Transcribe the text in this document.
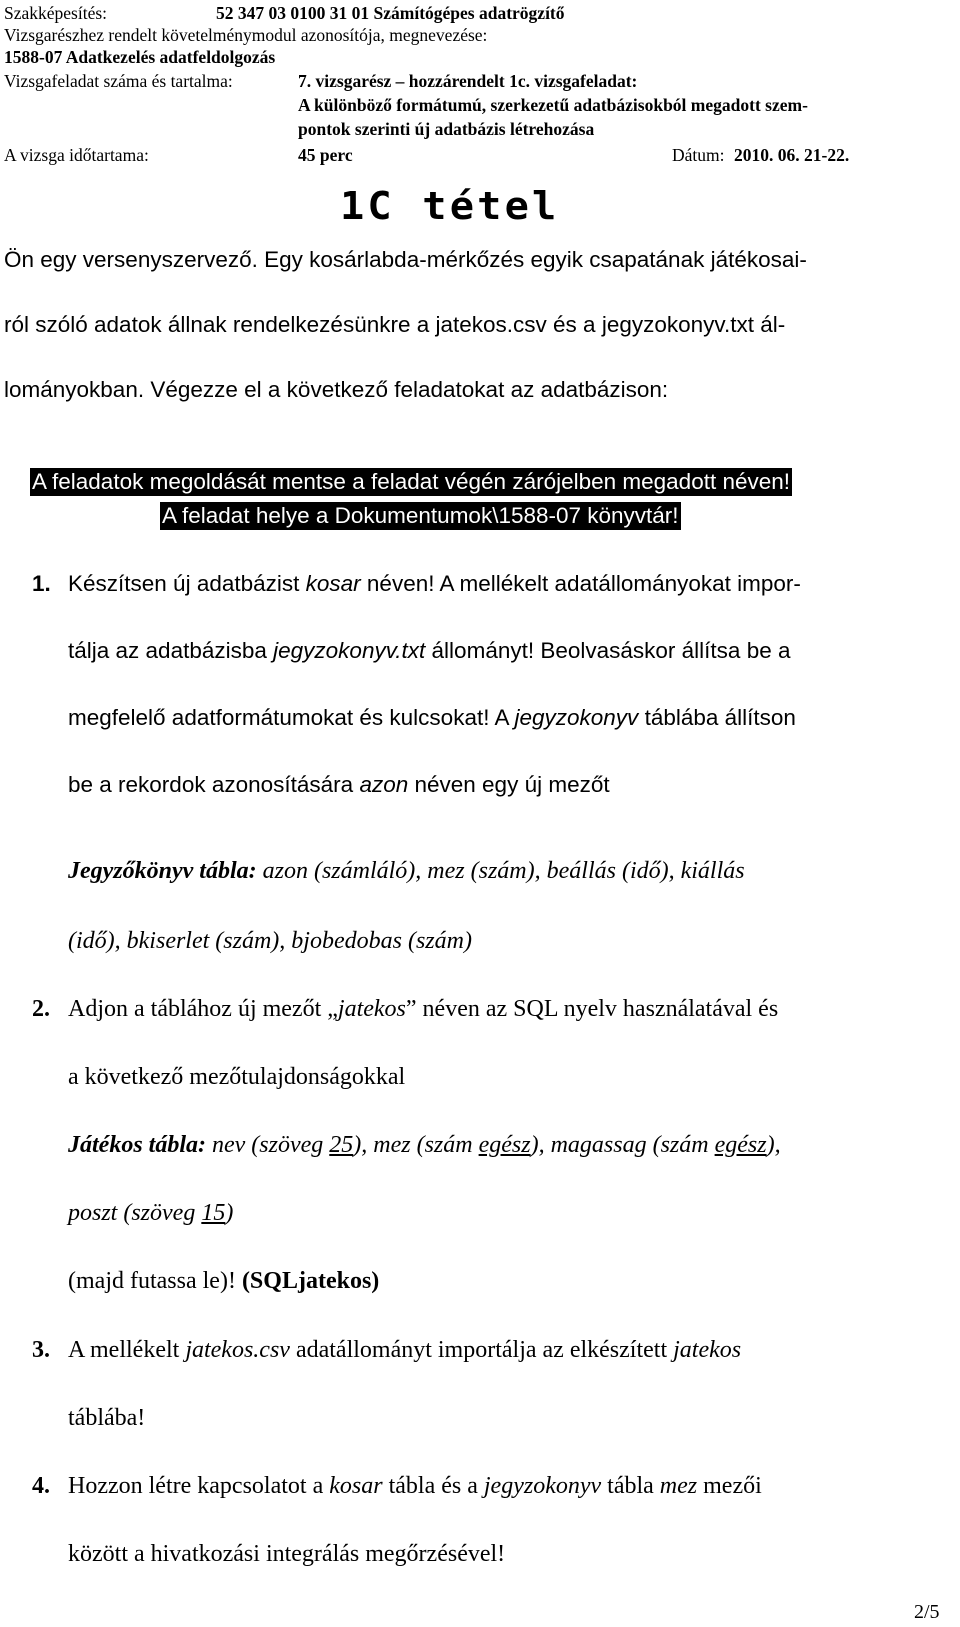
Szakképesítés:	52 347 03 0100 31 01 Számítógépes adatrögzítő
Vizsgarészhez rendelt követelménymodul azonosítója, megnevezése:
1588-07 Adatkezelés adatfeldolgozás
Vizsgafeladat száma és tartalma:	7. vizsgarész – hozzárendelt 1c. vizsgafeladat:
A különböző formátumú, szerkezetű adatbázisokból megadott szem-
pontok szerinti új adatbázis létrehozása
A vizsga időtartama:	45 perc	Dátum: 2010. 06. 21-22.
1C tétel
Ön egy versenyszervező. Egy kosárlabda-mérkőzés egyik csapatának játékosai-
ról szóló adatok állnak rendelkezésünkre a jatekos.csv és a jegyzokonyv.txt ál-
lományokban. Végezze el a következő feladatokat az adatbázison:
A feladatok megoldását mentse a feladat végén zárójelben megadott néven!
A feladat helye a Dokumentumok\1588-07 könyvtár!
1. Készítsen új adatbázist kosar néven! A mellékelt adatállományokat impor-
tálja az adatbázisba jegyzokonyv.txt állományt! Beolvasáskor állítsa be a
megfelelő adatformátumokat és kulcsokat! A jegyzokonyv táblába állítson
be a rekordok azonosítására azon néven egy új mezőt
Jegyzőkönyv tábla: azon (számláló), mez (szám), beállás (idő), kiállás
(idő), bkiserlet (szám), bjobedobas (szám)
2. Adjon a táblához új mezőt „jatekos” néven az SQL nyelv használatával és
a következő mezőtulajdonságokkal
Játékos tábla: nev (szöveg 25), mez (szám egész), magassag (szám egész),
poszt (szöveg 15)
(majd futassa le)! (SQLjatekos)
3. A mellékelt jatekos.csv adatállományt importálja az elkészített jatekos
táblába!
4. Hozzon létre kapcsolatot a kosar tábla és a jegyzokonyv tábla mez mezői
között a hivatkozási integrálás megőrzésével!
2/5
